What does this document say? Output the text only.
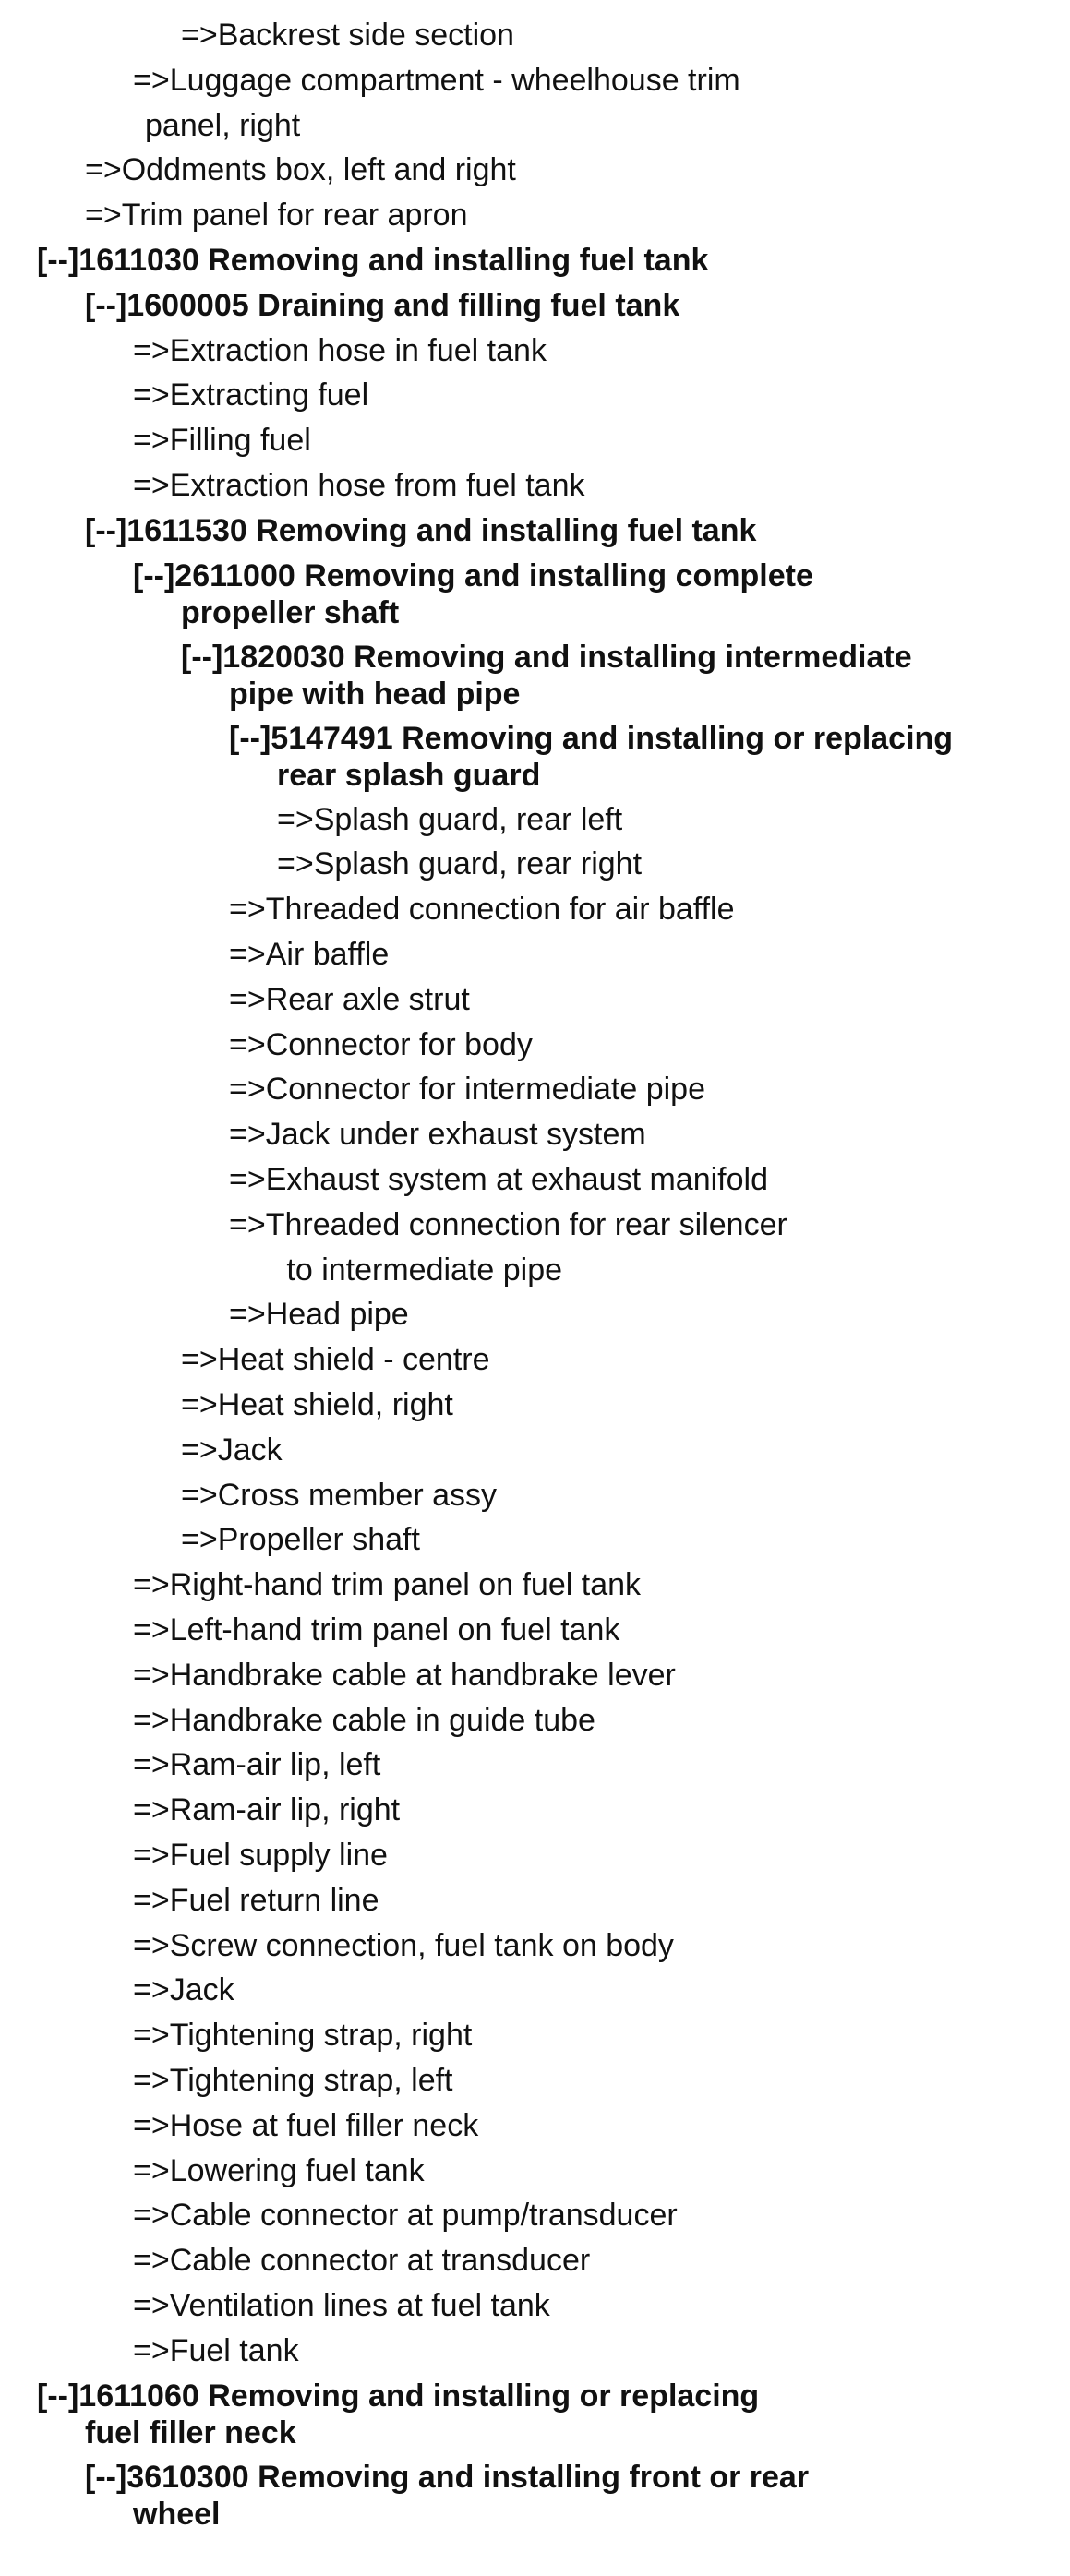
=>Backrest side section
=>Luggage compartment - wheelhouse trim
panel, right
=>Oddments box, left and right
=>Trim panel for rear apron
[--]1611030 Removing and installing fuel tank
[--]1600005 Draining and filling fuel tank
=>Extraction hose in fuel tank
=>Extracting fuel
=>Filling fuel
=>Extraction hose from fuel tank
[--]1611530 Removing and installing fuel tank
[--]2611000 Removing and installing complete
propeller shaft
[--]1820030 Removing and installing intermediate
pipe with head pipe
[--]5147491 Removing and installing or replacing
rear splash guard
=>Splash guard, rear left
=>Splash guard, rear right
=>Threaded connection for air baffle
=>Air baffle
=>Rear axle strut
=>Connector for body
=>Connector for intermediate pipe
=>Jack under exhaust system
=>Exhaust system at exhaust manifold
=>Threaded connection for rear silencer
to intermediate pipe
=>Head pipe
=>Heat shield - centre
=>Heat shield, right
=>Jack
=>Cross member assy
=>Propeller shaft
=>Right-hand trim panel on fuel tank
=>Left-hand trim panel on fuel tank
=>Handbrake cable at handbrake lever
=>Handbrake cable in guide tube
=>Ram-air lip, left
=>Ram-air lip, right
=>Fuel supply line
=>Fuel return line
=>Screw connection, fuel tank on body
=>Jack
=>Tightening strap, right
=>Tightening strap, left
=>Hose at fuel filler neck
=>Lowering fuel tank
=>Cable connector at pump/transducer
=>Cable connector at transducer
=>Ventilation lines at fuel tank
=>Fuel tank
[--]1611060 Removing and installing or replacing
fuel filler neck
[--]3610300 Removing and installing front or rear
wheel
